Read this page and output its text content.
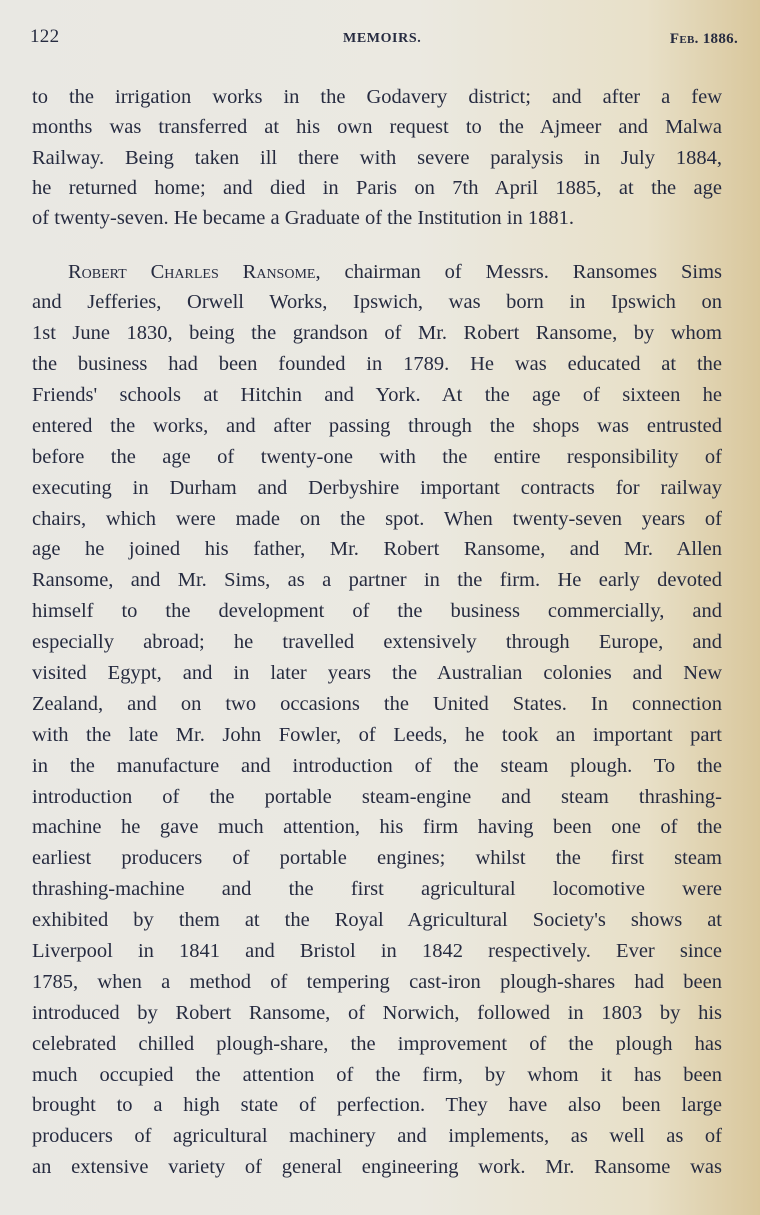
122	MEMOIRS.	Feb. 1886.
to the irrigation works in the Godavery district; and after a few
months was transferred at his own request to the Ajmeer and Malwa
Railway. Being taken ill there with severe paralysis in July 1884,
he returned home; and died in Paris on 7th April 1885, at the age
of twenty-seven. He became a Graduate of the Institution in 1881.
Robert Charles Ransome, chairman of Messrs. Ransomes Sims
and Jefferies, Orwell Works, Ipswich, was born in Ipswich on
1st June 1830, being the grandson of Mr. Robert Ransome, by whom
the business had been founded in 1789. He was educated at the
Friends' schools at Hitchin and York. At the age of sixteen he
entered the works, and after passing through the shops was entrusted
before the age of twenty-one with the entire responsibility of
executing in Durham and Derbyshire important contracts for railway
chairs, which were made on the spot. When twenty-seven years of
age he joined his father, Mr. Robert Ransome, and Mr. Allen
Ransome, and Mr. Sims, as a partner in the firm. He early devoted
himself to the development of the business commercially, and
especially abroad; he travelled extensively through Europe, and
visited Egypt, and in later years the Australian colonies and New
Zealand, and on two occasions the United States. In connection
with the late Mr. John Fowler, of Leeds, he took an important part
in the manufacture and introduction of the steam plough. To the
introduction of the portable steam-engine and steam thrashing-
machine he gave much attention, his firm having been one of the
earliest producers of portable engines; whilst the first steam
thrashing-machine and the first agricultural locomotive were
exhibited by them at the Royal Agricultural Society's shows at
Liverpool in 1841 and Bristol in 1842 respectively. Ever since
1785, when a method of tempering cast-iron plough-shares had been
introduced by Robert Ransome, of Norwich, followed in 1803 by his
celebrated chilled plough-share, the improvement of the plough has
much occupied the attention of the firm, by whom it has been
brought to a high state of perfection. They have also been large
producers of agricultural machinery and implements, as well as of
an extensive variety of general engineering work. Mr. Ransome was
